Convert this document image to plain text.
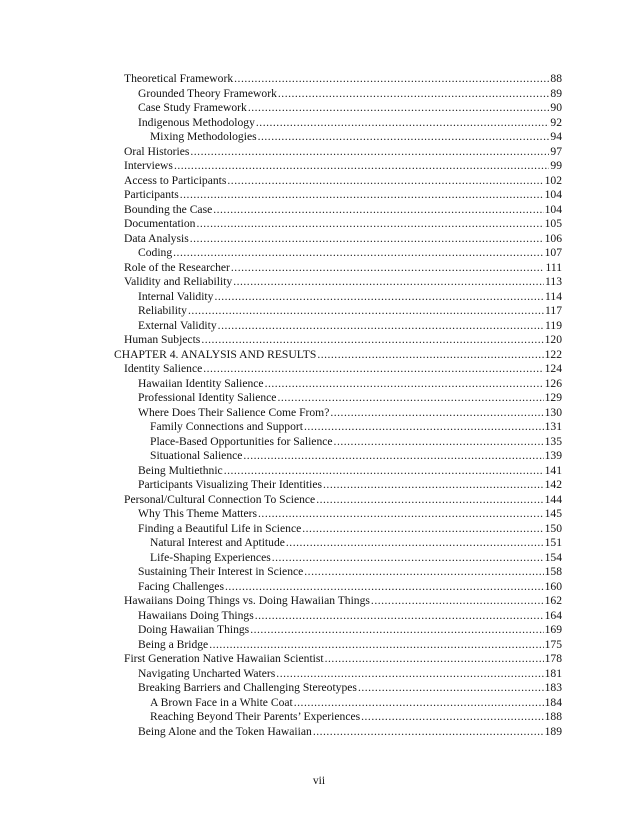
Theoretical Framework .....	88
Grounded Theory Framework .....	89
Case Study Framework .....	90
Indigenous Methodology .....	92
Mixing Methodologies .....	94
Oral Histories .....	97
Interviews .....	99
Access to Participants .....	102
Participants .....	104
Bounding the Case .....	104
Documentation .....	105
Data Analysis .....	106
Coding .....	107
Role of the Researcher .....	111
Validity and Reliability .....	113
Internal Validity .....	114
Reliability .....	117
External Validity .....	119
Human Subjects .....	120
CHAPTER 4. ANALYSIS AND RESULTS .....	122
Identity Salience .....	124
Hawaiian Identity Salience .....	126
Professional Identity Salience .....	129
Where Does Their Salience Come From? .....	130
Family Connections and Support .....	131
Place-Based Opportunities for Salience .....	135
Situational Salience .....	139
Being Multiethnic .....	141
Participants Visualizing Their Identities .....	142
Personal/Cultural Connection To Science .....	144
Why This Theme Matters .....	145
Finding a Beautiful Life in Science .....	150
Natural Interest and Aptitude .....	151
Life-Shaping Experiences .....	154
Sustaining Their Interest in Science .....	158
Facing Challenges .....	160
Hawaiians Doing Things vs. Doing Hawaiian Things .....	162
Hawaiians Doing Things .....	164
Doing Hawaiian Things .....	169
Being a Bridge .....	175
First Generation Native Hawaiian Scientist .....	178
Navigating Uncharted Waters .....	181
Breaking Barriers and Challenging Stereotypes .....	183
A Brown Face in a White Coat .....	184
Reaching Beyond Their Parents’ Experiences .....	188
Being Alone and the Token Hawaiian .....	189
vii
